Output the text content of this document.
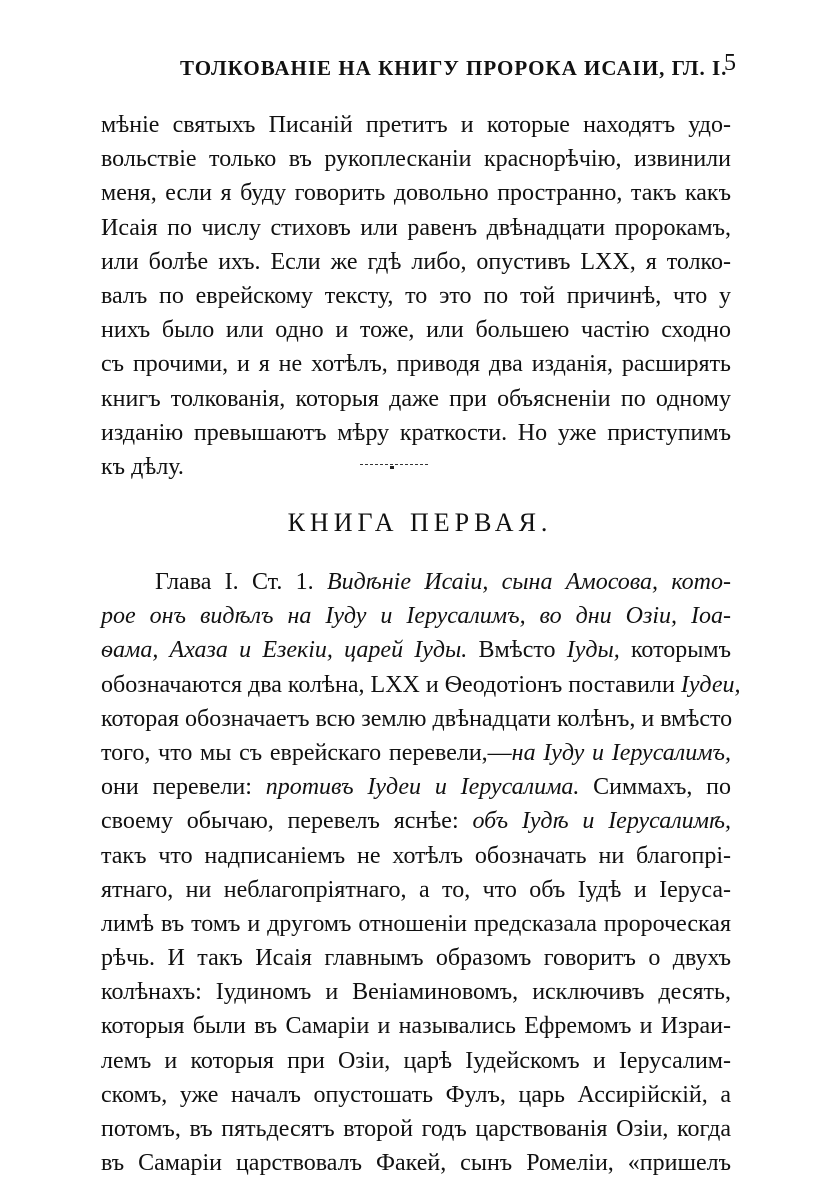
ТОЛКОВАНІЕ НА КНИГУ ПРОРОКА ИСАІИ, ГЛ. I.
5
мѣніе святыхъ Писаній претитъ и которые находятъ удо-
вольствіе только въ рукоплесканіи краснорѣчію, извинили
меня, если я буду говорить довольно пространно, такъ какъ
Исаія по числу стиховъ или равенъ двѣнадцати пророкамъ,
или болѣе ихъ. Если же гдѣ либо, опустивъ LXX, я толко-
валъ по еврейскому тексту, то это по той причинѣ, что у
нихъ было или одно и тоже, или большею частію сходно
съ прочими, и я не хотѣлъ, приводя два изданія, расширять
книгъ толкованія, которыя даже при объясненіи по одному
изданію превышаютъ мѣру краткости. Но уже приступимъ
къ дѣлу.
КНИГА ПЕРВАЯ.
Глава I. Ст. 1. Видѣніе Исаіи, сына Амосова, кото-
рое онъ видѣлъ на Іуду и Іерусалимъ, во дни Озіи, Іоа-
ѳама, Ахаза и Езекіи, царей Іуды. Вмѣсто Іуды, которымъ
обозначаются два колѣна, LXX и Ѳеодотіонъ поставили Іудеи,
которая обозначаетъ всю землю двѣнадцати колѣнъ, и вмѣсто
того, что мы съ еврейскаго перевели,—на Іуду и Іерусалимъ,
они перевели: противъ Іудеи и Іерусалима. Симмахъ, по
своему обычаю, перевелъ яснѣе: объ Іудѣ и Іерусалимѣ,
такъ что надписаніемъ не хотѣлъ обозначать ни благопрі-
ятнаго, ни неблагопріятнаго, а то, что объ Іудѣ и Іеруса-
лимѣ въ томъ и другомъ отношеніи предсказала пророческая
рѣчь. И такъ Исаія главнымъ образомъ говоритъ о двухъ
колѣнахъ: Іудиномъ и Веніаминовомъ, исключивъ десять,
которыя были въ Самаріи и назывались Ефремомъ и Израи-
лемъ и которыя при Озіи, царѣ Іудейскомъ и Іерусалим-
скомъ, уже началъ опустошать Фулъ, царь Ассирійскій, а
потомъ, въ пятьдесятъ второй годъ царствованія Озіи, когда
въ Самаріи царствовалъ Факей, сынъ Ромеліи, «пришелъ
